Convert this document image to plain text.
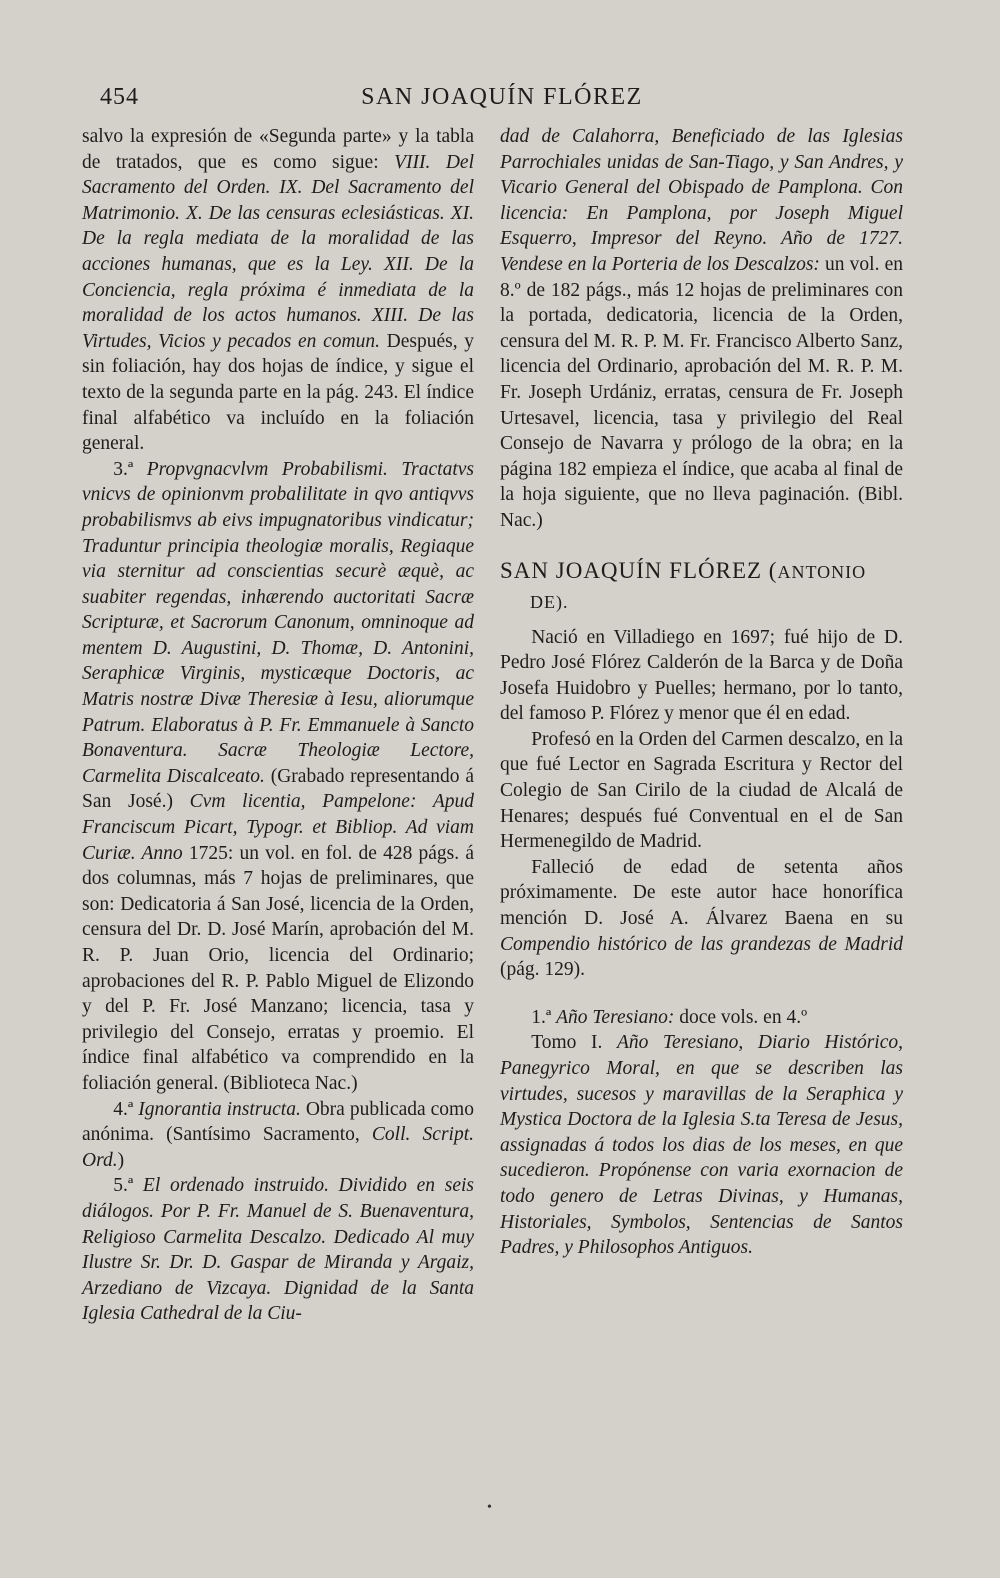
454	SAN JOAQUÍN FLÓREZ

salvo la expresión de «Segunda parte» y la tabla de tratados, que es como sigue: VIII. Del Sacramento del Orden. IX. Del Sacramento del Matrimonio. X. De las censuras eclesiásticas. XI. De la regla mediata de la moralidad de las acciones humanas, que es la Ley. XII. De la Conciencia, regla próxima é inmediata de la moralidad de los actos humanos. XIII. De las Virtudes, Vicios y pecados en comun. Después, y sin foliación, hay dos hojas de índice, y sigue el texto de la segunda parte en la pág. 243. El índice final alfabético va incluído en la foliación general.

3.ª Propvgnacvlvm Probabilismi. Tractatvs vnicvs de opinionvm probalilitate in qvo antiqvvs probabilismvs ab eivs impugnatoribus vindicatur; Traduntur principia theologiæ moralis, Regiaque via sternitur ad conscientias securè æquè, ac suabiter regendas, inhærendo auctoritati Sacræ Scripturæ, et Sacrorum Canonum, omninoque ad mentem D. Augustini, D. Thomæ, D. Antonini, Seraphicæ Virginis, mysticæque Doctoris, ac Matris nostræ Divæ Theresiæ à Iesu, aliorumque Patrum. Elaboratus à P. Fr. Emmanuele à Sancto Bonaventura. Sacræ Theologiæ Lectore, Carmelita Discalceato. (Grabado representando á San José.) Cvm licentia, Pampelone: Apud Franciscum Picart, Typogr. et Bibliop. Ad viam Curiæ. Anno 1725: un vol. en fol. de 428 págs. á dos columnas, más 7 hojas de preliminares, que son: Dedicatoria á San José, licencia de la Orden, censura del Dr. D. José Marín, aprobación del M. R. P. Juan Orio, licencia del Ordinario; aprobaciones del R. P. Pablo Miguel de Elizondo y del P. Fr. José Manzano; licencia, tasa y privilegio del Consejo, erratas y proemio. El índice final alfabético va comprendido en la foliación general. (Biblioteca Nac.)

4.ª Ignorantia instructa. Obra publicada como anónima. (Santísimo Sacramento, Coll. Script. Ord.)

5.ª El ordenado instruido. Dividido en seis diálogos. Por P. Fr. Manuel de S. Buenaventura, Religioso Carmelita Descalzo. Dedicado Al muy Ilustre Sr. Dr. D. Gaspar de Miranda y Argaiz, Arzediano de Vizcaya. Dignidad de la Santa Iglesia Cathedral de la Ciu-

dad de Calahorra, Beneficiado de las Iglesias Parrochiales unidas de San-Tiago, y San Andres, y Vicario General del Obispado de Pamplona. Con licencia: En Pamplona, por Joseph Miguel Esquerro, Impresor del Reyno. Año de 1727. Vendese en la Porteria de los Descalzos: un vol. en 8.º de 182 págs., más 12 hojas de preliminares con la portada, dedicatoria, licencia de la Orden, censura del M. R. P. M. Fr. Francisco Alberto Sanz, licencia del Ordinario, aprobación del M. R. P. M. Fr. Joseph Urdániz, erratas, censura de Fr. Joseph Urtesavel, licencia, tasa y privilegio del Real Consejo de Navarra y prólogo de la obra; en la página 182 empieza el índice, que acaba al final de la hoja siguiente, que no lleva paginación. (Bibl. Nac.)

SAN JOAQUÍN FLÓREZ (ANTONIO
DE).

Nació en Villadiego en 1697; fué hijo de D. Pedro José Flórez Calderón de la Barca y de Doña Josefa Huidobro y Puelles; hermano, por lo tanto, del famoso P. Flórez y menor que él en edad.

Profesó en la Orden del Carmen descalzo, en la que fué Lector en Sagrada Escritura y Rector del Colegio de San Cirilo de la ciudad de Alcalá de Henares; después fué Conventual en el de San Hermenegildo de Madrid.

Falleció de edad de setenta años próximamente. De este autor hace honorífica mención D. José A. Álvarez Baena en su Compendio histórico de las grandezas de Madrid (pág. 129).

1.ª Año Teresiano: doce vols. en 4.º

Tomo I. Año Teresiano, Diario Histórico, Panegyrico Moral, en que se describen las virtudes, sucesos y maravillas de la Seraphica y Mystica Doctora de la Iglesia S.ta Teresa de Jesus, assignadas á todos los dias de los meses, en que sucedieron. Propónense con varia exornacion de todo genero de Letras Divinas, y Humanas, Historiales, Symbolos, Sentencias de Santos Padres, y Philosophos Antiguos.

•
